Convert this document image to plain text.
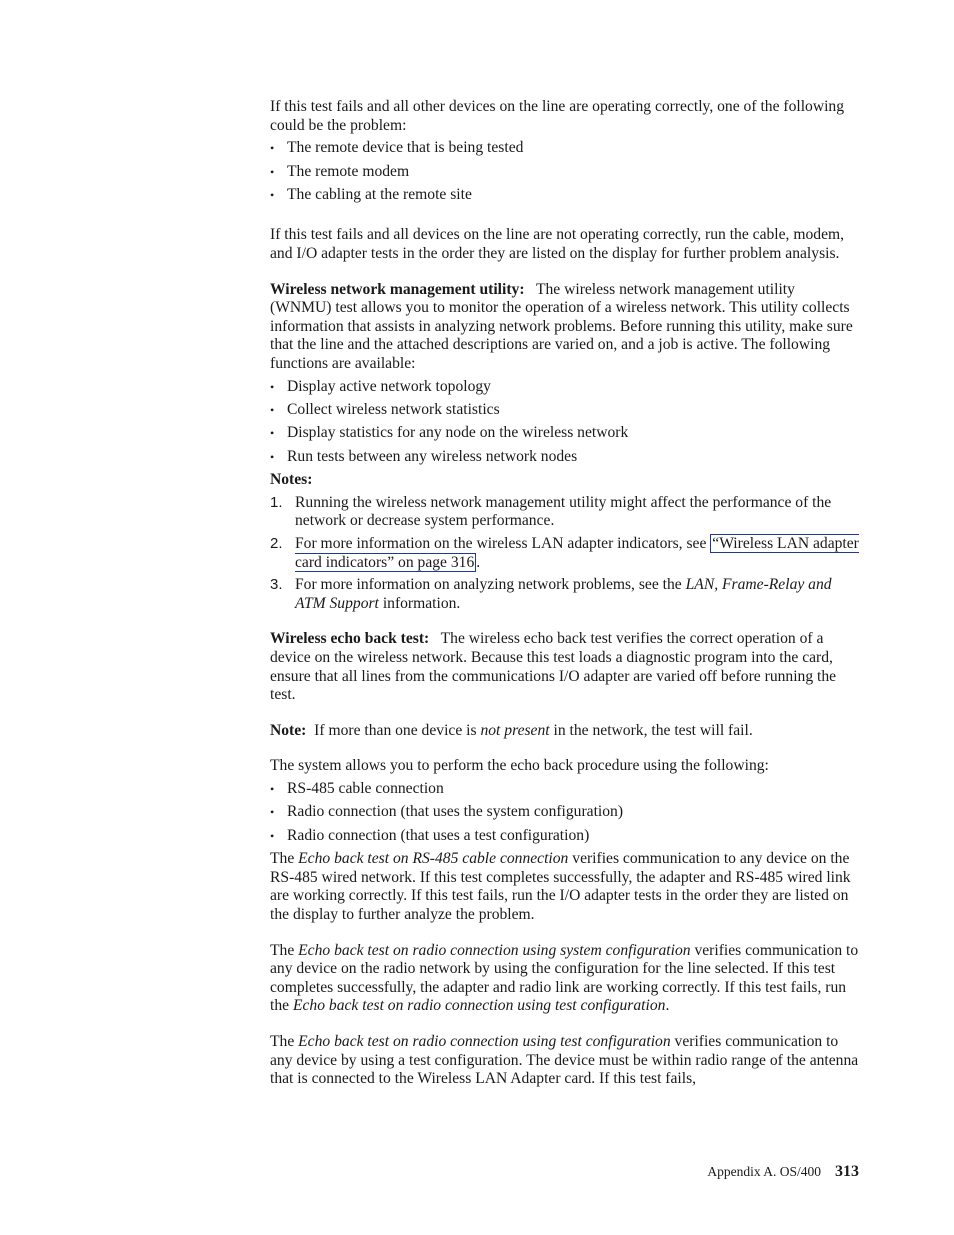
If this test fails and all other devices on the line are operating correctly, one of the following could be the problem:

• The remote device that is being tested
• The remote modem
• The cabling at the remote site

If this test fails and all devices on the line are not operating correctly, run the cable, modem, and I/O adapter tests in the order they are listed on the display for further problem analysis.

Wireless network management utility: The wireless network management utility (WNMU) test allows you to monitor the operation of a wireless network. This utility collects information that assists in analyzing network problems. Before running this utility, make sure that the line and the attached descriptions are varied on, and a job is active. The following functions are available:

• Display active network topology
• Collect wireless network statistics
• Display statistics for any node on the wireless network
• Run tests between any wireless network nodes

Notes:

1. Running the wireless network management utility might affect the performance of the network or decrease system performance.
2. For more information on the wireless LAN adapter indicators, see “Wireless LAN adapter card indicators” on page 316 .
3. For more information on analyzing network problems, see the LAN, Frame-Relay and ATM Support information.

Wireless echo back test: The wireless echo back test verifies the correct operation of a device on the wireless network. Because this test loads a diagnostic program into the card, ensure that all lines from the communications I/O adapter are varied off before running the test.

Note: If more than one device is not present in the network, the test will fail.

The system allows you to perform the echo back procedure using the following:

• RS-485 cable connection
• Radio connection (that uses the system configuration)
• Radio connection (that uses a test configuration)

The Echo back test on RS-485 cable connection verifies communication to any device on the RS-485 wired network. If this test completes successfully, the adapter and RS-485 wired link are working correctly. If this test fails, run the I/O adapter tests in the order they are listed on the display to further analyze the problem.

The Echo back test on radio connection using system configuration verifies communication to any device on the radio network by using the configuration for the line selected. If this test completes successfully, the adapter and radio link are working correctly. If this test fails, run the Echo back test on radio connection using test configuration.

The Echo back test on radio connection using test configuration verifies communication to any device by using a test configuration. The device must be within radio range of the antenna that is connected to the Wireless LAN Adapter card. If this test fails,

Appendix A. OS/400 313
